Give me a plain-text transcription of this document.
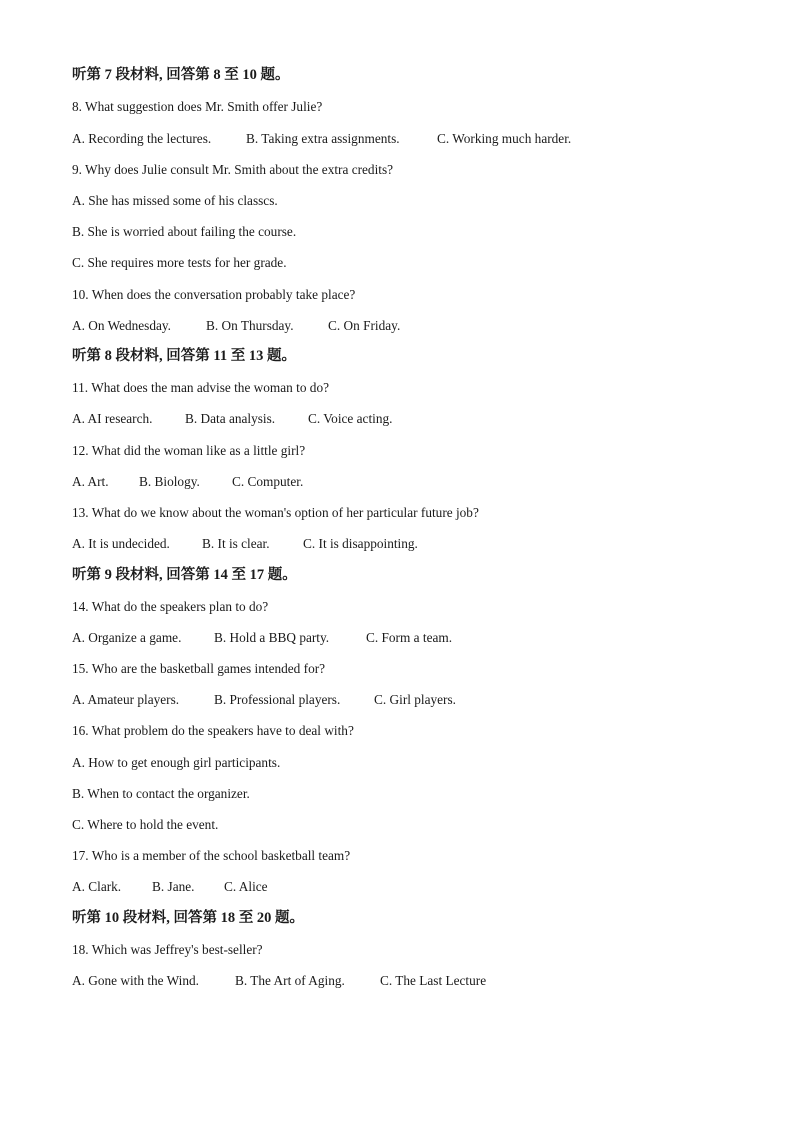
听第 7 段材料, 回答第 8 至 10 题。
8. What suggestion does Mr. Smith offer Julie?
A. Recording the lectures.	B. Taking extra assignments.	C. Working much harder.
9. Why does Julie consult Mr. Smith about the extra credits?
A. She has missed some of his classcs.
B. She is worried about failing the course.
C. She requires more tests for her grade.
10. When does the conversation probably take place?
A. On Wednesday.	B. On Thursday.	C. On Friday.
听第 8 段材料, 回答第 11 至 13 题。
11. What does the man advise the woman to do?
A. AI research. B. Data analysis. C. Voice acting.
12. What did the woman like as a little girl?
A. Art. B. Biology. C. Computer.
13. What do we know about the woman's option of her particular future job?
A. It is undecided. B. It is clear.	C. It is disappointing.
听第 9 段材料, 回答第 14 至 17 题。
14. What do the speakers plan to do?
A. Organize a game. B. Hold a BBQ party.	C. Form a team.
15. Who are the basketball games intended for?
A. Amateur players.	B. Professional players.	C. Girl players.
16. What problem do the speakers have to deal with?
A. How to get enough girl participants.
B. When to contact the organizer.
C. Where to hold the event.
17. Who is a member of the school basketball team?
A. Clark. B. Jane. C. Alice
听第 10 段材料, 回答第 18 至 20 题。
18. Which was Jeffrey's best-seller?
A. Gone with the Wind.	B. The Art of Aging.	C. The Last Lecture
